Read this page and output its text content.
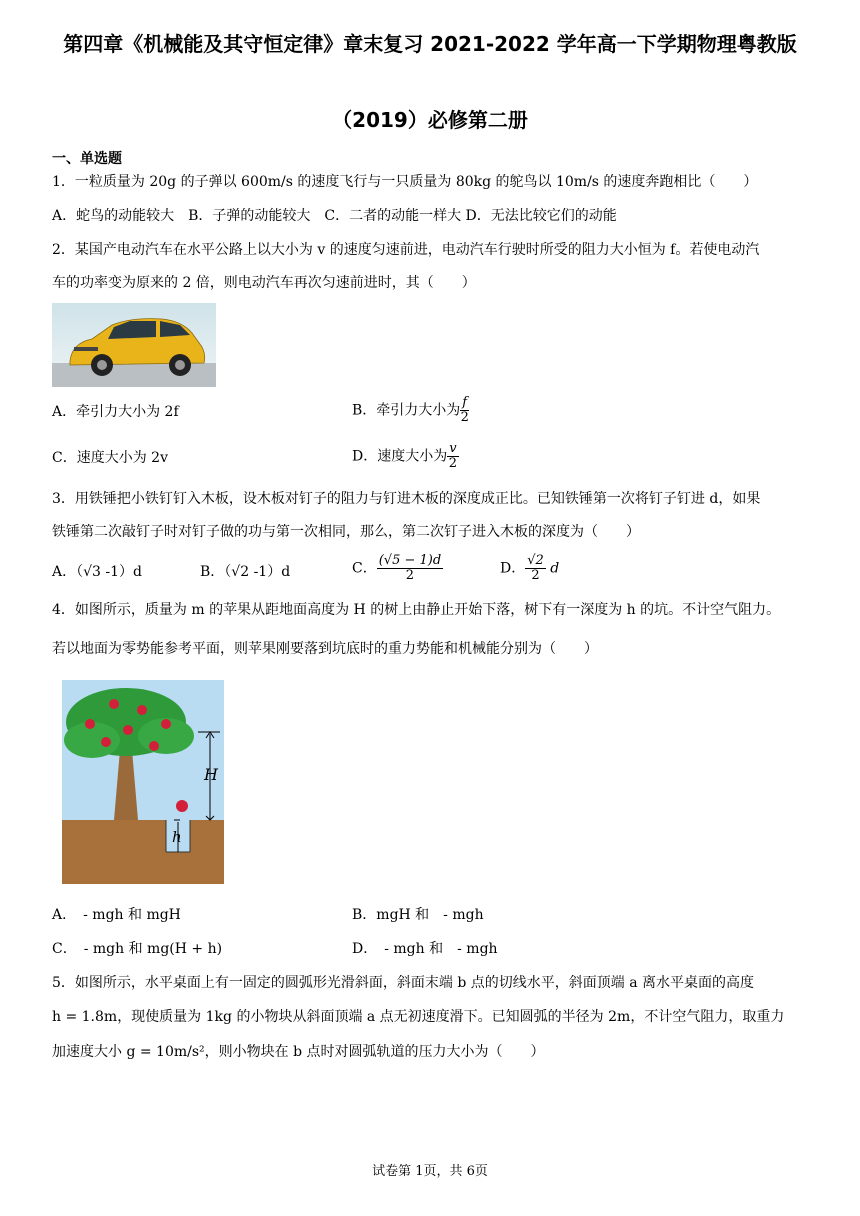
第四章《机械能及其守恒定律》章末复习 2021-2022 学年高一下学期物理粤教版
（2019）必修第二册
一、单选题
1．一粒质量为 20g 的子弹以 600m/s 的速度飞行与一只质量为 80kg 的鸵鸟以 10m/s 的速度奔跑相比（　　）
A．蛇鸟的动能较大　B．子弹的动能较大　C．二者的动能一样大 D．无法比较它们的动能
2．某国产电动汽车在水平公路上以大小为 v 的速度匀速前进，电动汽车行驶时所受的阻力大小恒为 f。若使电动汽
车的功率变为原来的 2 倍，则电动汽车再次匀速前进时，其（　　）
A．牵引力大小为 2f	B．牵引力大小为 $\frac{f}{2}$
C．速度大小为 2v	D．速度大小为 $\frac{v}{2}$
3．用铁锤把小铁钉钉入木板，设木板对钉子的阻力与钉进木板的深度成正比。已知铁锤第一次将钉子钉进 d，如果
铁锤第二次敲钉子时对钉子做的功与第一次相同，那么，第二次钉子进入木板的深度为（　　）
A．（√3 -1）d	B．（√2 -1）d	C． $\frac{(√5 - 1)d}{2}$	D． $\frac{√2}{2}$ d
4．如图所示，质量为 m 的苹果从距地面高度为 H 的树上由静止开始下落，树下有一深度为 h 的坑。不计空气阻力。
若以地面为零势能参考平面，则苹果刚要落到坑底时的重力势能和机械能分别为（　　）
H
h
A．　- mgh 和 mgH	B．mgH 和　- mgh
C．　- mgh 和 mg(H + h)	D．　- mgh 和　- mgh
5．如图所示，水平桌面上有一固定的圆弧形光滑斜面，斜面末端 b 点的切线水平，斜面顶端 a 离水平桌面的高度
h = 1.8m，现使质量为 1kg 的小物块从斜面顶端 a 点无初速度滑下。已知圆弧的半径为 2m，不计空气阻力，取重力
加速度大小 g = 10m/s²，则小物块在 b 点时对圆弧轨道的压力大小为（　　）
试卷第 1页，共 6页
